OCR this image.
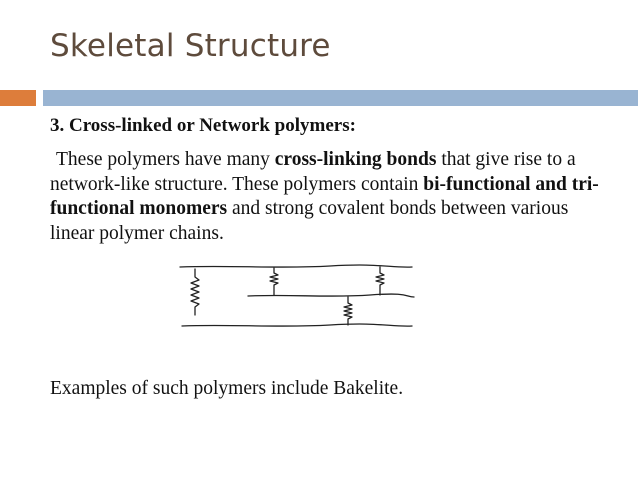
Skeletal Structure

3. Cross-linked or Network polymers:

These polymers have many cross-linking bonds that give rise to a network-like structure. These polymers contain bi-functional and tri-functional monomers and strong covalent bonds between various linear polymer chains.

Examples of such polymers include Bakelite.
